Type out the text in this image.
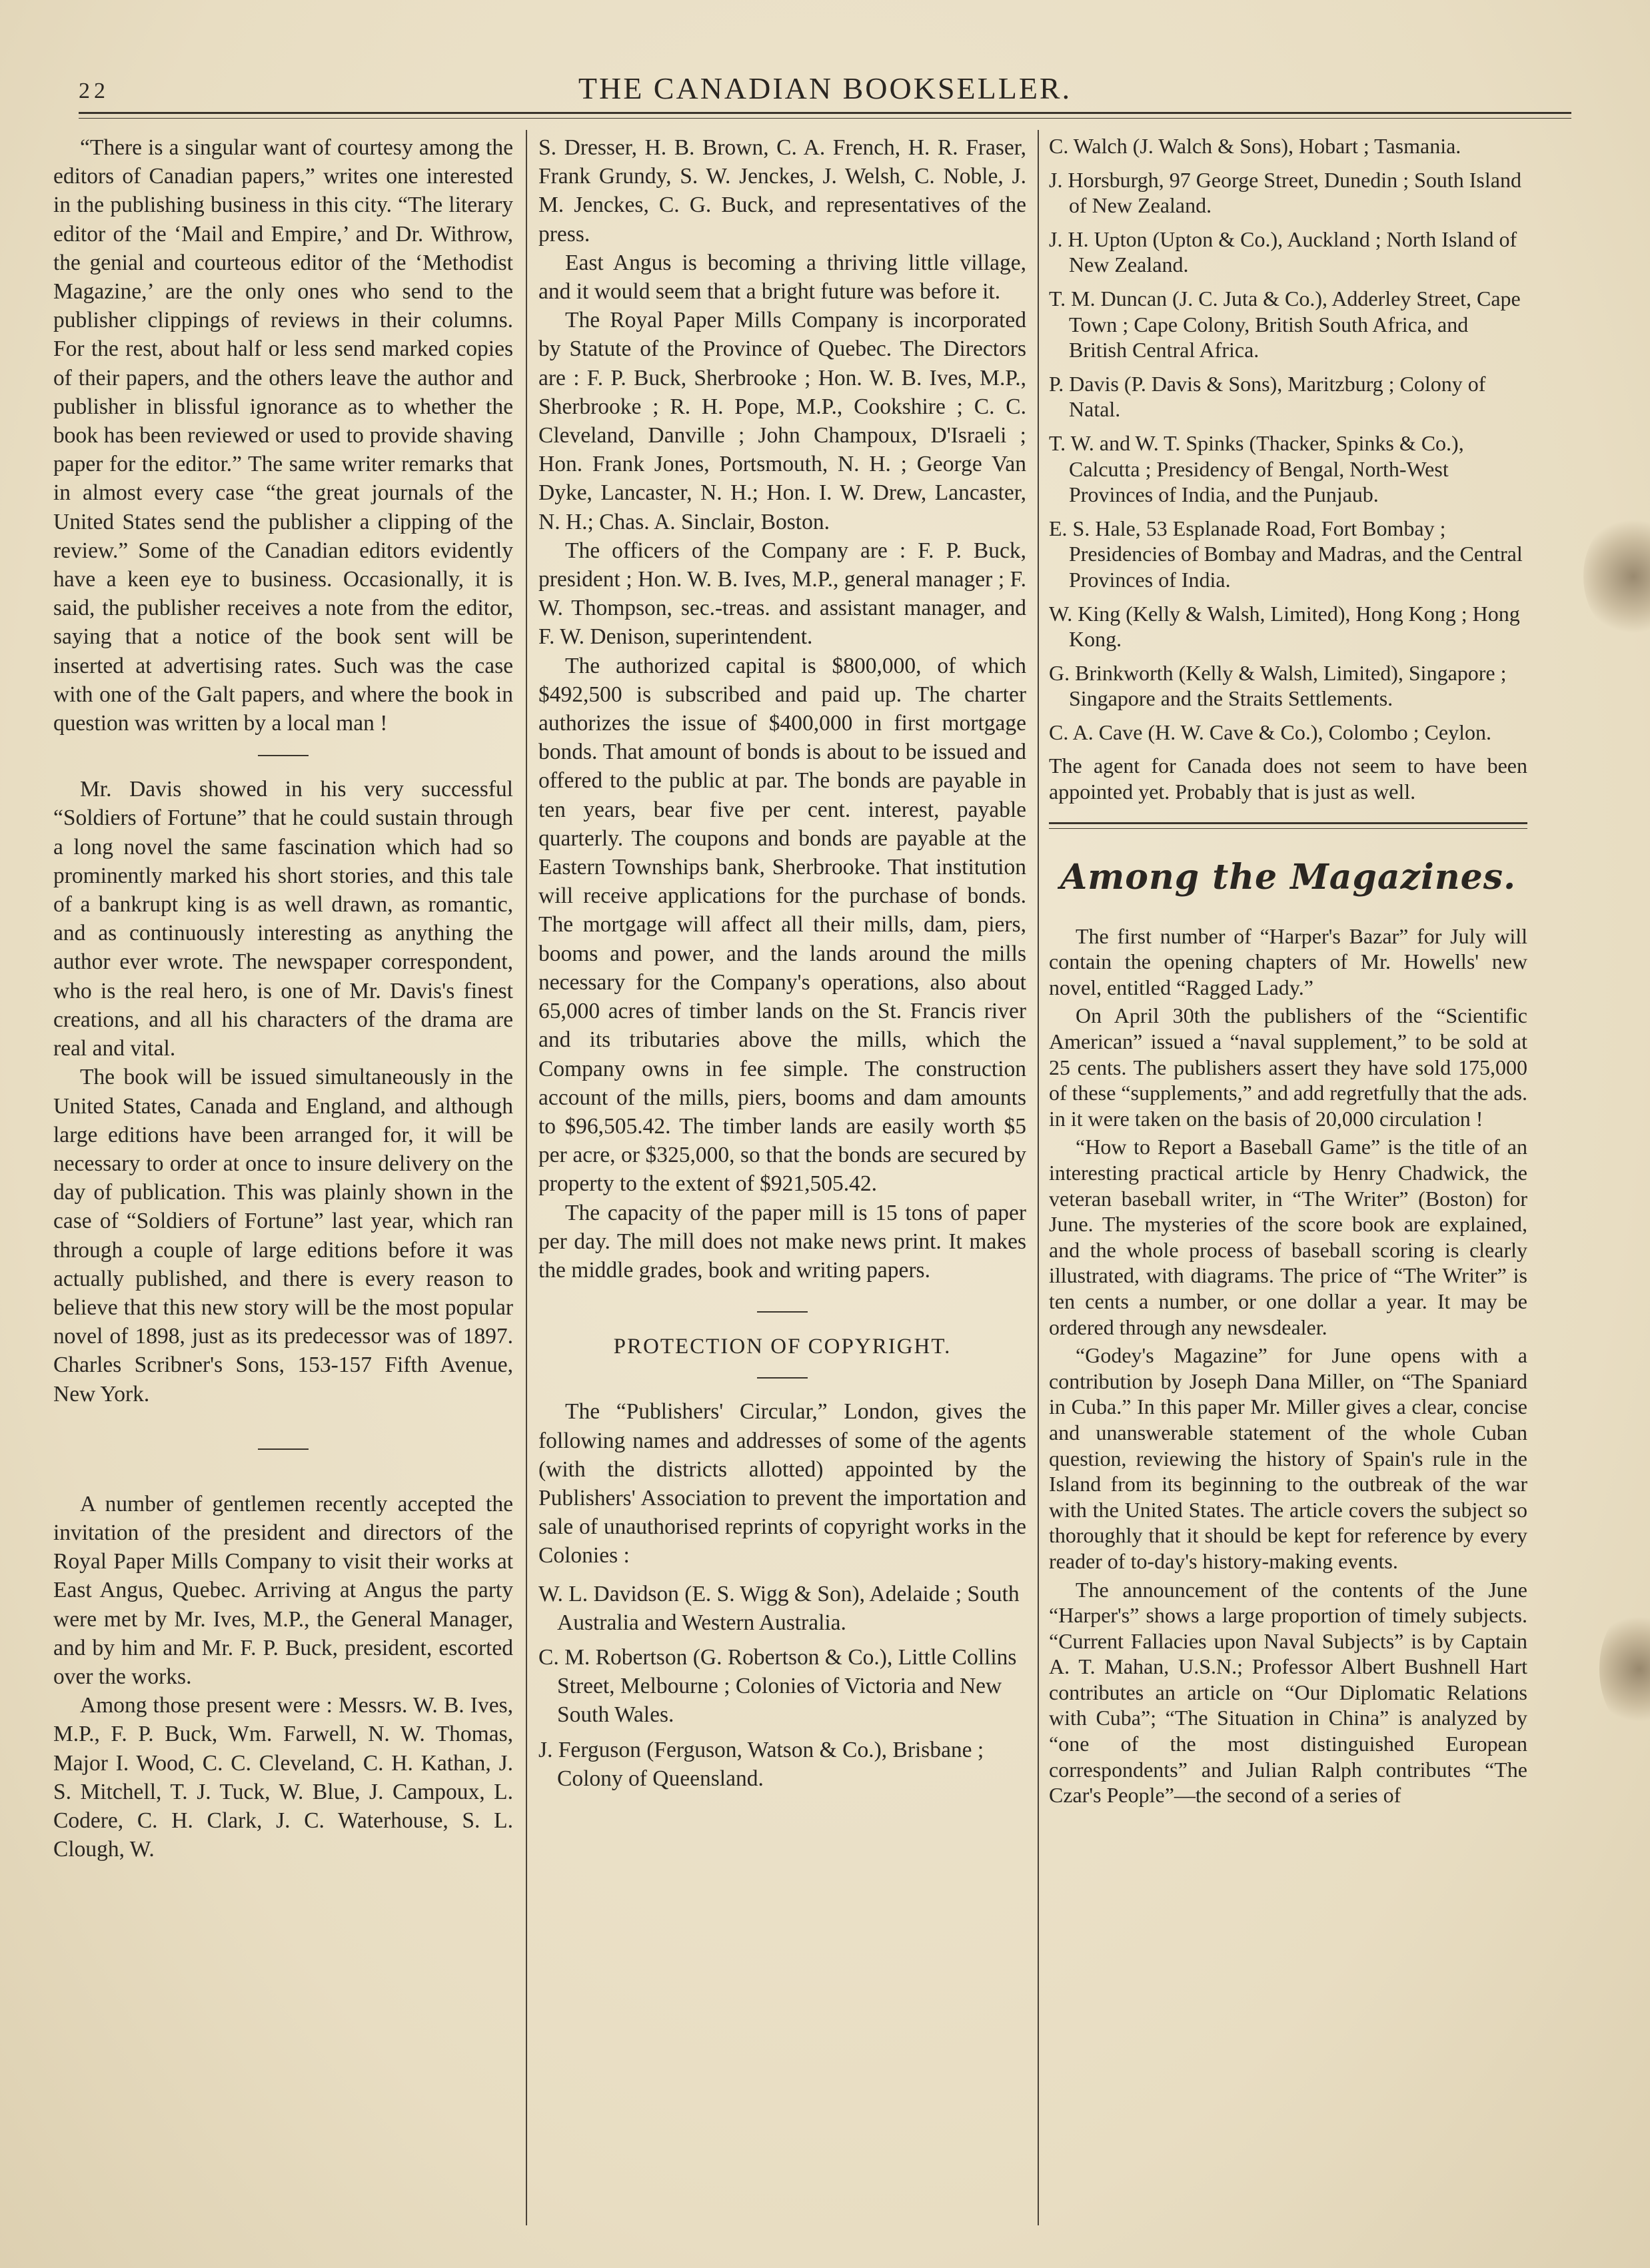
22	THE CANADIAN BOOKSELLER.

“There is a singular want of courtesy among the editors of Canadian papers,” writes one interested in the publishing business in this city. “The literary editor of the ‘Mail and Empire,’ and Dr. Withrow, the genial and courteous editor of the ‘Methodist Magazine,’ are the only ones who send to the publisher clippings of reviews in their columns. For the rest, about half or less send marked copies of their papers, and the others leave the author and publisher in blissful ignorance as to whether the book has been reviewed or used to provide shaving paper for the editor.” The same writer remarks that in almost every case “the great journals of the United States send the publisher a clipping of the review.” Some of the Canadian editors evidently have a keen eye to business. Occasionally, it is said, the publisher receives a note from the editor, saying that a notice of the book sent will be inserted at advertising rates. Such was the case with one of the Galt papers, and where the book in question was written by a local man !

Mr. Davis showed in his very successful “Soldiers of Fortune” that he could sustain through a long novel the same fascination which had so prominently marked his short stories, and this tale of a bankrupt king is as well drawn, as romantic, and as continuously interesting as anything the author ever wrote. The newspaper correspondent, who is the real hero, is one of Mr. Davis's finest creations, and all his characters of the drama are real and vital.

The book will be issued simultaneously in the United States, Canada and England, and although large editions have been arranged for, it will be necessary to order at once to insure delivery on the day of publication. This was plainly shown in the case of “Soldiers of Fortune” last year, which ran through a couple of large editions before it was actually published, and there is every reason to believe that this new story will be the most popular novel of 1898, just as its predecessor was of 1897. Charles Scribner's Sons, 153-157 Fifth Avenue, New York.

A number of gentlemen recently accepted the invitation of the president and directors of the Royal Paper Mills Company to visit their works at East Angus, Quebec. Arriving at Angus the party were met by Mr. Ives, M.P., the General Manager, and by him and Mr. F. P. Buck, president, escorted over the works.

Among those present were : Messrs. W. B. Ives, M.P., F. P. Buck, Wm. Farwell, N. W. Thomas, Major I. Wood, C. C. Cleveland, C. H. Kathan, J. S. Mitchell, T. J. Tuck, W. Blue, J. Campoux, L. Codere, C. H. Clark, J. C. Waterhouse, S. L. Clough, W.

S. Dresser, H. B. Brown, C. A. French, H. R. Fraser, Frank Grundy, S. W. Jenckes, J. Welsh, C. Noble, J. M. Jenckes, C. G. Buck, and representatives of the press.

East Angus is becoming a thriving little village, and it would seem that a bright future was before it.

The Royal Paper Mills Company is incorporated by Statute of the Province of Quebec. The Directors are : F. P. Buck, Sherbrooke ; Hon. W. B. Ives, M.P., Sherbrooke ; R. H. Pope, M.P., Cookshire ; C. C. Cleveland, Danville ; John Champoux, D'Israeli ; Hon. Frank Jones, Portsmouth, N. H. ; George Van Dyke, Lancaster, N. H.; Hon. I. W. Drew, Lancaster, N. H.; Chas. A. Sinclair, Boston.

The officers of the Company are : F. P. Buck, president ; Hon. W. B. Ives, M.P., general manager ; F. W. Thompson, sec.-treas. and assistant manager, and F. W. Denison, superintendent.

The authorized capital is $800,000, of which $492,500 is subscribed and paid up. The charter authorizes the issue of $400,000 in first mortgage bonds. That amount of bonds is about to be issued and offered to the public at par. The bonds are payable in ten years, bear five per cent. interest, payable quarterly. The coupons and bonds are payable at the Eastern Townships bank, Sherbrooke. That institution will receive applications for the purchase of bonds. The mortgage will affect all their mills, dam, piers, booms and power, and the lands around the mills necessary for the Company's operations, also about 65,000 acres of timber lands on the St. Francis river and its tributaries above the mills, which the Company owns in fee simple. The construction account of the mills, piers, booms and dam amounts to $96,505.42. The timber lands are easily worth $5 per acre, or $325,000, so that the bonds are secured by property to the extent of $921,505.42.

The capacity of the paper mill is 15 tons of paper per day. The mill does not make news print. It makes the middle grades, book and writing papers.

PROTECTION OF COPYRIGHT.

The “Publishers' Circular,” London, gives the following names and addresses of some of the agents (with the districts allotted) appointed by the Publishers' Association to prevent the importation and sale of unauthorised reprints of copyright works in the Colonies :

W. L. Davidson (E. S. Wigg & Son), Adelaide ; South Australia and Western Australia.
C. M. Robertson (G. Robertson & Co.), Little Collins Street, Melbourne ; Colonies of Victoria and New South Wales.
J. Ferguson (Ferguson, Watson & Co.), Brisbane ; Colony of Queensland.
C. Walch (J. Walch & Sons), Hobart ; Tasmania.
J. Horsburgh, 97 George Street, Dunedin ; South Island of New Zealand.
J. H. Upton (Upton & Co.), Auckland ; North Island of New Zealand.
T. M. Duncan (J. C. Juta & Co.), Adderley Street, Cape Town ; Cape Colony, British South Africa, and British Central Africa.
P. Davis (P. Davis & Sons), Maritzburg ; Colony of Natal.
T. W. and W. T. Spinks (Thacker, Spinks & Co.), Calcutta ; Presidency of Bengal, North-West Provinces of India, and the Punjaub.
E. S. Hale, 53 Esplanade Road, Fort Bombay ; Presidencies of Bombay and Madras, and the Central Provinces of India.
W. King (Kelly & Walsh, Limited), Hong Kong ; Hong Kong.
G. Brinkworth (Kelly & Walsh, Limited), Singapore ; Singapore and the Straits Settlements.
C. A. Cave (H. W. Cave & Co.), Colombo ; Ceylon.

The agent for Canada does not seem to have been appointed yet. Probably that is just as well.

Among the Magazines.

The first number of “Harper's Bazar” for July will contain the opening chapters of Mr. Howells' new novel, entitled “Ragged Lady.”

On April 30th the publishers of the “Scientific American” issued a “naval supplement,” to be sold at 25 cents. The publishers assert they have sold 175,000 of these “supplements,” and add regretfully that the ads. in it were taken on the basis of 20,000 circulation !

“How to Report a Baseball Game” is the title of an interesting practical article by Henry Chadwick, the veteran baseball writer, in “The Writer” (Boston) for June. The mysteries of the score book are explained, and the whole process of baseball scoring is clearly illustrated, with diagrams. The price of “The Writer” is ten cents a number, or one dollar a year. It may be ordered through any newsdealer.

“Godey's Magazine” for June opens with a contribution by Joseph Dana Miller, on “The Spaniard in Cuba.” In this paper Mr. Miller gives a clear, concise and unanswerable statement of the whole Cuban question, reviewing the history of Spain's rule in the Island from its beginning to the outbreak of the war with the United States. The article covers the subject so thoroughly that it should be kept for reference by every reader of to-day's history-making events.

The announcement of the contents of the June “Harper's” shows a large proportion of timely subjects. “Current Fallacies upon Naval Subjects” is by Captain A. T. Mahan, U.S.N.; Professor Albert Bushnell Hart contributes an article on “Our Diplomatic Relations with Cuba”; “The Situation in China” is analyzed by “one of the most distinguished European correspondents” and Julian Ralph contributes “The Czar's People”—the second of a series of
